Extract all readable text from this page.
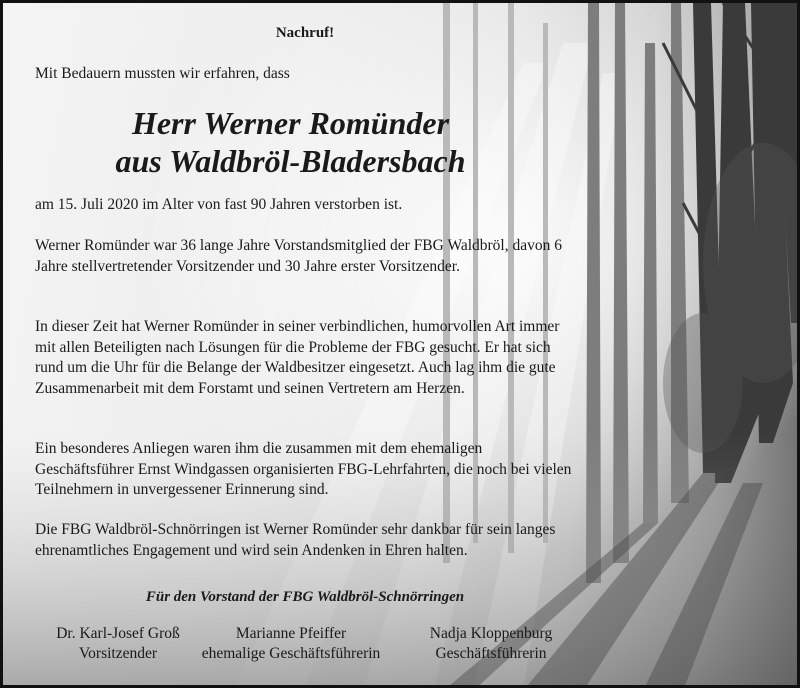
Nachruf!

Mit Bedauern mussten wir erfahren, dass

Herr Werner Romünder
aus Waldbröl-Bladersbach

am 15. Juli 2020 im Alter von fast 90 Jahren verstorben ist.

Werner Romünder war 36 lange Jahre Vorstandsmitglied der FBG Waldbröl, davon 6 Jahre stellvertretender Vorsitzender und 30 Jahre erster Vorsitzender.

In dieser Zeit hat Werner Romünder in seiner verbindlichen, humorvollen Art immer mit allen Beteiligten nach Lösungen für die Probleme der FBG gesucht. Er hat sich rund um die Uhr für die Belange der Waldbesitzer eingesetzt. Auch lag ihm die gute Zusammenarbeit mit dem Forstamt und seinen Vertretern am Herzen.

Ein besonderes Anliegen waren ihm die zusammen mit dem ehemaligen Geschäftsführer Ernst Windgassen organisierten FBG-Lehrfahrten, die noch bei vielen Teilnehmern in unvergessener Erinnerung sind.

Die FBG Waldbröl-Schnörringen ist Werner Romünder sehr dankbar für sein langes ehrenamtliches Engagement und wird sein Andenken in Ehren halten.

Für den Vorstand der FBG Waldbröl-Schnörringen
Dr. Karl-Josef Groß
Vorsitzender
Marianne Pfeiffer
ehemalige Geschäftsführerin
Nadja Kloppenburg
Geschäftsführerin
